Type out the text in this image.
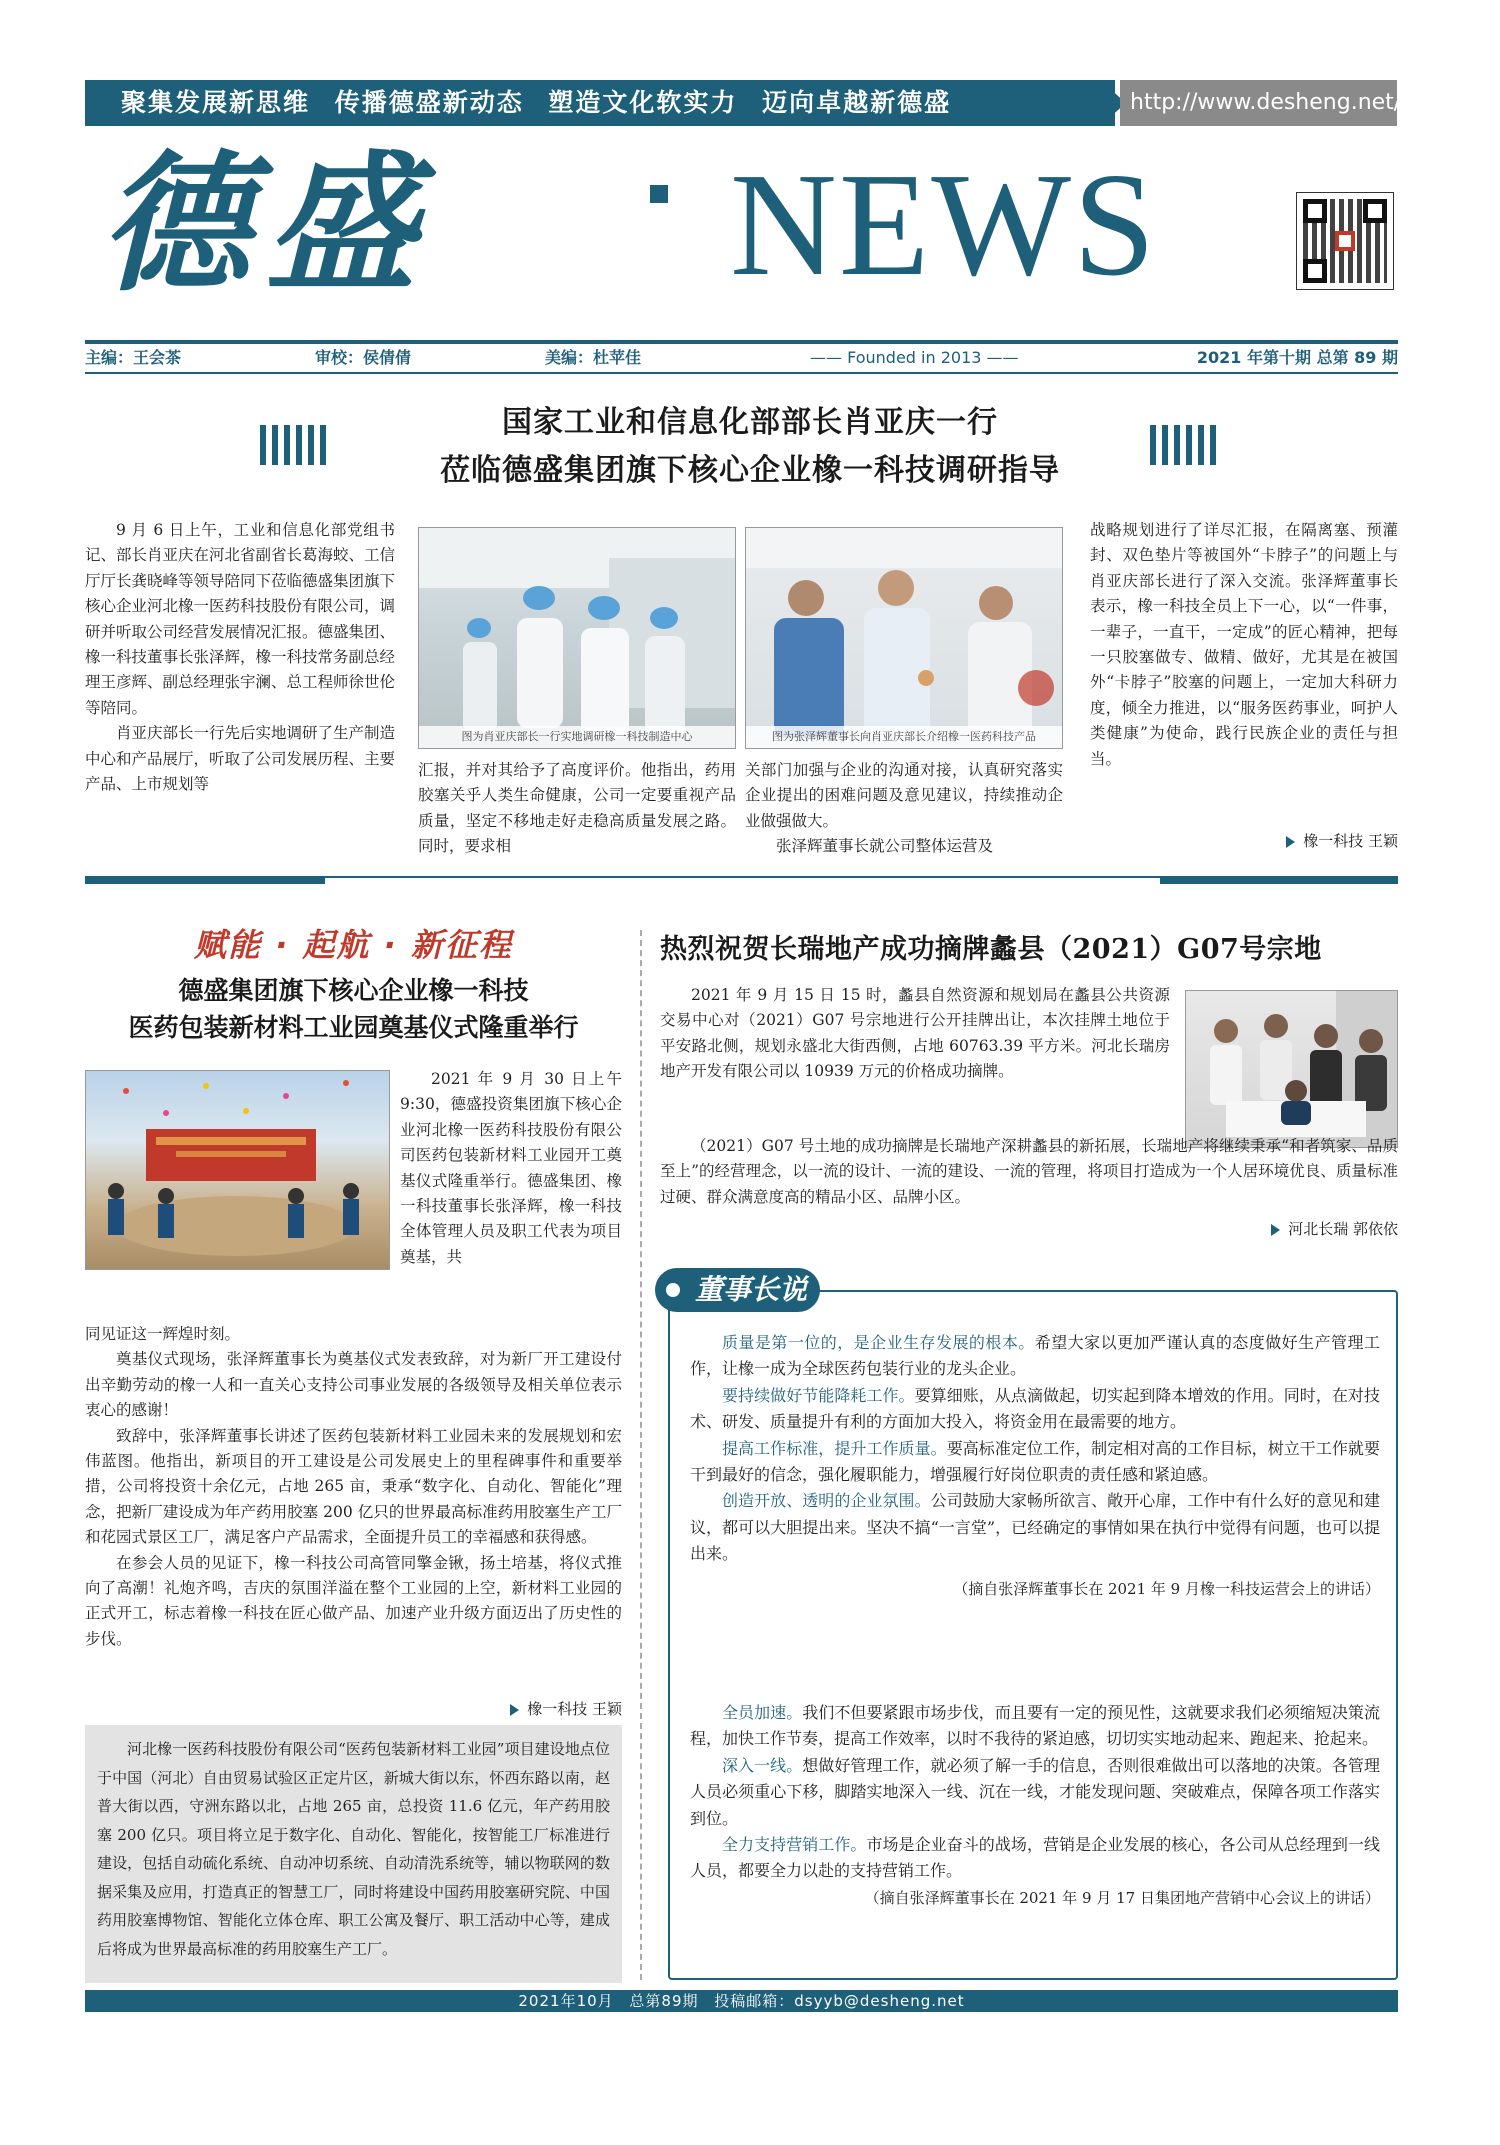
聚集发展新思维 传播德盛新动态 塑造文化软实力 迈向卓越新德盛	http://www.desheng.net/
德盛 NEWS
主编：王会茶	审校：侯倩倩	美编：杜苹佳	—— Founded in 2013 ——	2021 年第十期 总第 89 期
国家工业和信息化部部长肖亚庆一行
莅临德盛集团旗下核心企业橡一科技调研指导

9 月 6 日上午，工业和信息化部党组书记、部长肖亚庆在河北省副省长葛海蛟、工信厅厅长龚晓峰等领导陪同下莅临德盛集团旗下核心企业河北橡一医药科技股份有限公司，调研并听取公司经营发展情况汇报。德盛集团、橡一科技董事长张泽辉，橡一科技常务副总经理王彦辉、副总经理张宇澜、总工程师徐世伦等陪同。

肖亚庆部长一行先后实地调研了生产制造中心和产品展厅，听取了公司发展历程、主要产品、上市规划等

图为肖亚庆部长一行实地调研橡一科技制造中心	图为张泽辉董事长向肖亚庆部长介绍橡一医药科技产品

汇报，并对其给予了高度评价。他指出，药用胶塞关乎人类生命健康，公司一定要重视产品质量，坚定不移地走好走稳高质量发展之路。同时，要求相

关部门加强与企业的沟通对接，认真研究落实企业提出的困难问题及意见建议，持续推动企业做强做大。

张泽辉董事长就公司整体运营及

战略规划进行了详尽汇报，在隔离塞、预灌封、双色垫片等被国外“卡脖子”的问题上与肖亚庆部长进行了深入交流。张泽辉董事长表示，橡一科技全员上下一心，以“一件事，一辈子，一直干，一定成”的匠心精神，把每一只胶塞做专、做精、做好，尤其是在被国外“卡脖子”胶塞的问题上，一定加大科研力度，倾全力推进，以“服务医药事业，呵护人类健康”为使命，践行民族企业的责任与担当。

橡一科技 王颖
赋能 · 起航 · 新征程
德盛集团旗下核心企业橡一科技
医药包装新材料工业园奠基仪式隆重举行

2021 年 9 月 30 日上午 9:30，德盛投资集团旗下核心企业河北橡一医药科技股份有限公司医药包装新材料工业园开工奠基仪式隆重举行。德盛集团、橡一科技董事长张泽辉，橡一科技全体管理人员及职工代表为项目奠基，共

同见证这一辉煌时刻。

奠基仪式现场，张泽辉董事长为奠基仪式发表致辞，对为新厂开工建设付出辛勤劳动的橡一人和一直关心支持公司事业发展的各级领导及相关单位表示衷心的感谢！

致辞中，张泽辉董事长讲述了医药包装新材料工业园未来的发展规划和宏伟蓝图。他指出，新项目的开工建设是公司发展史上的里程碑事件和重要举措，公司将投资十余亿元，占地 265 亩，秉承“数字化、自动化、智能化”理念，把新厂建设成为年产药用胶塞 200 亿只的世界最高标准药用胶塞生产工厂和花园式景区工厂，满足客户产品需求，全面提升员工的幸福感和获得感。

在参会人员的见证下，橡一科技公司高管同擎金锹，扬土培基，将仪式推向了高潮！礼炮齐鸣，吉庆的氛围洋溢在整个工业园的上空，新材料工业园的正式开工，标志着橡一科技在匠心做产品、加速产业升级方面迈出了历史性的步伐。

橡一科技 王颖

河北橡一医药科技股份有限公司“医药包装新材料工业园”项目建设地点位于中国（河北）自由贸易试验区正定片区，新城大街以东，怀西东路以南，赵普大街以西，守洲东路以北，占地 265 亩，总投资 11.6 亿元，年产药用胶塞 200 亿只。项目将立足于数字化、自动化、智能化，按智能工厂标准进行建设，包括自动硫化系统、自动冲切系统、自动清洗系统等，辅以物联网的数据采集及应用，打造真正的智慧工厂，同时将建设中国药用胶塞研究院、中国药用胶塞博物馆、智能化立体仓库、职工公寓及餐厅、职工活动中心等，建成后将成为世界最高标准的药用胶塞生产工厂。

热烈祝贺长瑞地产成功摘牌蠡县（2021）G07号宗地

2021 年 9 月 15 日 15 时，蠡县自然资源和规划局在蠡县公共资源交易中心对（2021）G07 号宗地进行公开挂牌出让，本次挂牌土地位于平安路北侧，规划永盛北大街西侧，占地 60763.39 平方米。河北长瑞房地产开发有限公司以 10939 万元的价格成功摘牌。

（2021）G07 号土地的成功摘牌是长瑞地产深耕蠡县的新拓展，长瑞地产将继续秉承“和者筑家、品质至上”的经营理念，以一流的设计、一流的建设、一流的管理，将项目打造成为一个人居环境优良、质量标准过硬、群众满意度高的精品小区、品牌小区。

河北长瑞 郭依依
董事长说

质量是第一位的，是企业生存发展的根本。希望大家以更加严谨认真的态度做好生产管理工作，让橡一成为全球医药包装行业的龙头企业。

要持续做好节能降耗工作。要算细账，从点滴做起，切实起到降本增效的作用。同时，在对技术、研发、质量提升有利的方面加大投入，将资金用在最需要的地方。

提高工作标准，提升工作质量。要高标准定位工作，制定相对高的工作目标，树立干工作就要干到最好的信念，强化履职能力，增强履行好岗位职责的责任感和紧迫感。

创造开放、透明的企业氛围。公司鼓励大家畅所欲言、敞开心扉，工作中有什么好的意见和建议，都可以大胆提出来。坚决不搞“一言堂”，已经确定的事情如果在执行中觉得有问题，也可以提出来。

（摘自张泽辉董事长在 2021 年 9 月橡一科技运营会上的讲话）

全员加速。我们不但要紧跟市场步伐，而且要有一定的预见性，这就要求我们必须缩短决策流程，加快工作节奏，提高工作效率，以时不我待的紧迫感，切切实实地动起来、跑起来、抢起来。

深入一线。想做好管理工作，就必须了解一手的信息，否则很难做出可以落地的决策。各管理人员必须重心下移，脚踏实地深入一线、沉在一线，才能发现问题、突破难点，保障各项工作落实到位。

全力支持营销工作。市场是企业奋斗的战场，营销是企业发展的核心，各公司从总经理到一线人员，都要全力以赴的支持营销工作。

（摘自张泽辉董事长在 2021 年 9 月 17 日集团地产营销中心会议上的讲话）

2021年10月 总第89期 投稿邮箱：dsyyb@desheng.net
